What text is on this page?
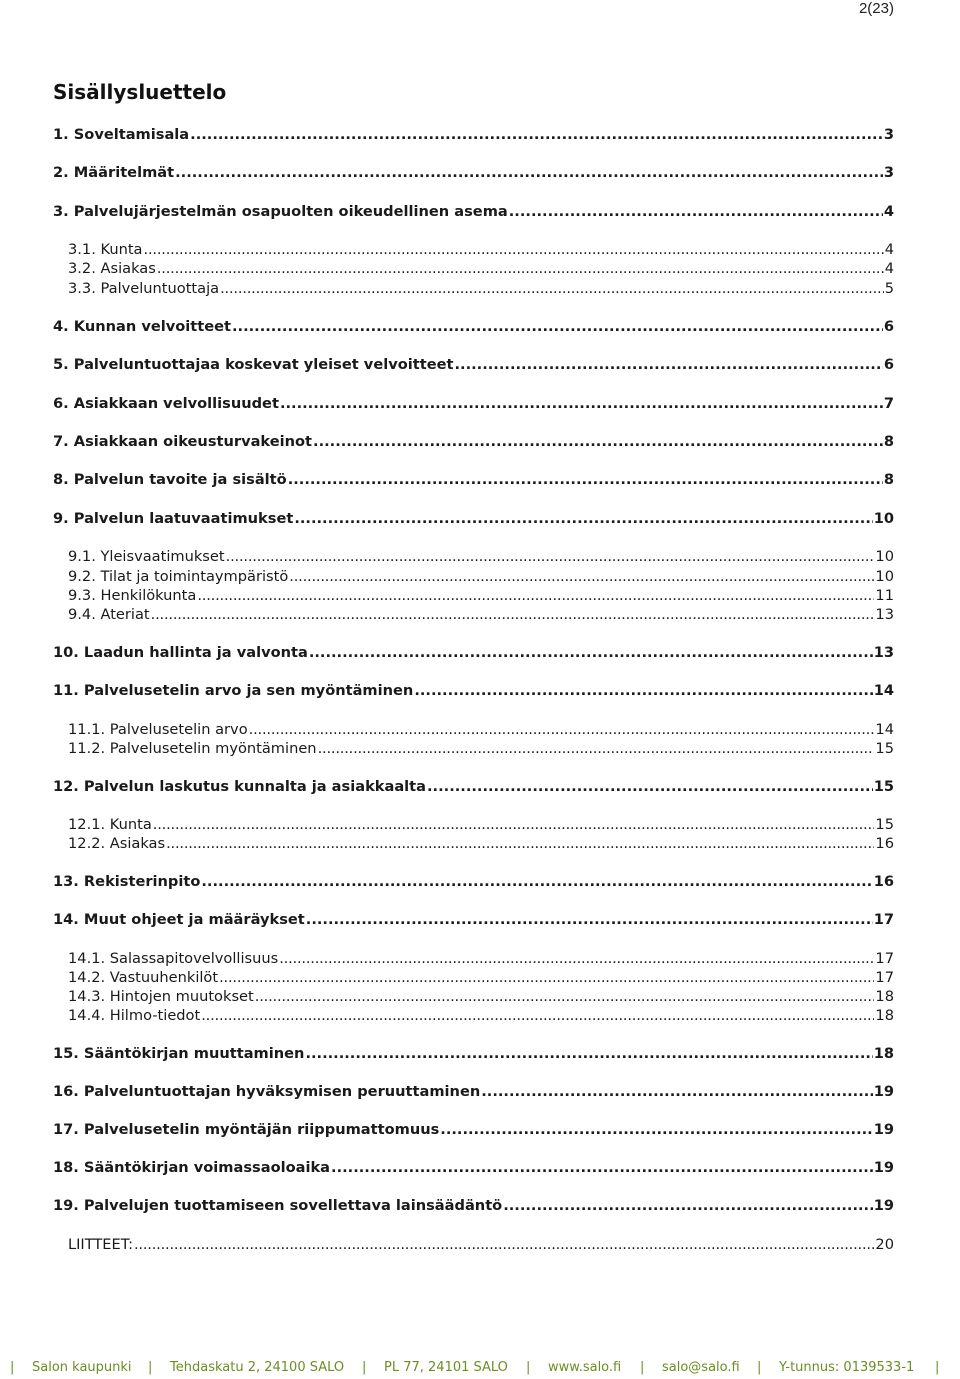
2(23)
Sisällysluettelo
1. Soveltamisala .....	3
2. Määritelmät .....	3
3. Palvelujärjestelmän osapuolten oikeudellinen asema .....	4
3.1. Kunta .....	4
3.2. Asiakas .....	4
3.3. Palveluntuottaja .....	5
4. Kunnan velvoitteet .....	6
5. Palveluntuottajaa koskevat yleiset velvoitteet .....	6
6. Asiakkaan velvollisuudet .....	7
7. Asiakkaan oikeusturvakeinot .....	8
8. Palvelun tavoite ja sisältö .....	8
9. Palvelun laatuvaatimukset .....	10
9.1. Yleisvaatimukset .....	10
9.2. Tilat ja toimintaympäristö .....	10
9.3. Henkilökunta .....	11
9.4. Ateriat .....	13
10. Laadun hallinta ja valvonta .....	13
11. Palvelusetelin arvo ja sen myöntäminen .....	14
11.1. Palvelusetelin arvo .....	14
11.2. Palvelusetelin myöntäminen .....	15
12. Palvelun laskutus kunnalta ja asiakkaalta .....	15
12.1. Kunta .....	15
12.2. Asiakas .....	16
13. Rekisterinpito .....	16
14. Muut ohjeet ja määräykset .....	17
14.1. Salassapitovelvollisuus .....	17
14.2. Vastuuhenkilöt .....	17
14.3. Hintojen muutokset .....	18
14.4. Hilmo-tiedot .....	18
15. Sääntökirjan muuttaminen .....	18
16. Palveluntuottajan hyväksymisen peruuttaminen .....	19
17. Palvelusetelin myöntäjän riippumattomuus .....	19
18. Sääntökirjan voimassaoloaika .....	19
19. Palvelujen tuottamiseen sovellettava lainsäädäntö .....	19
LIITTEET: .....	20
| Salon kaupunki | Tehdaskatu 2, 24100 SALO | PL 77, 24101 SALO | www.salo.fi | salo@salo.fi | Y-tunnus: 0139533-1 |
